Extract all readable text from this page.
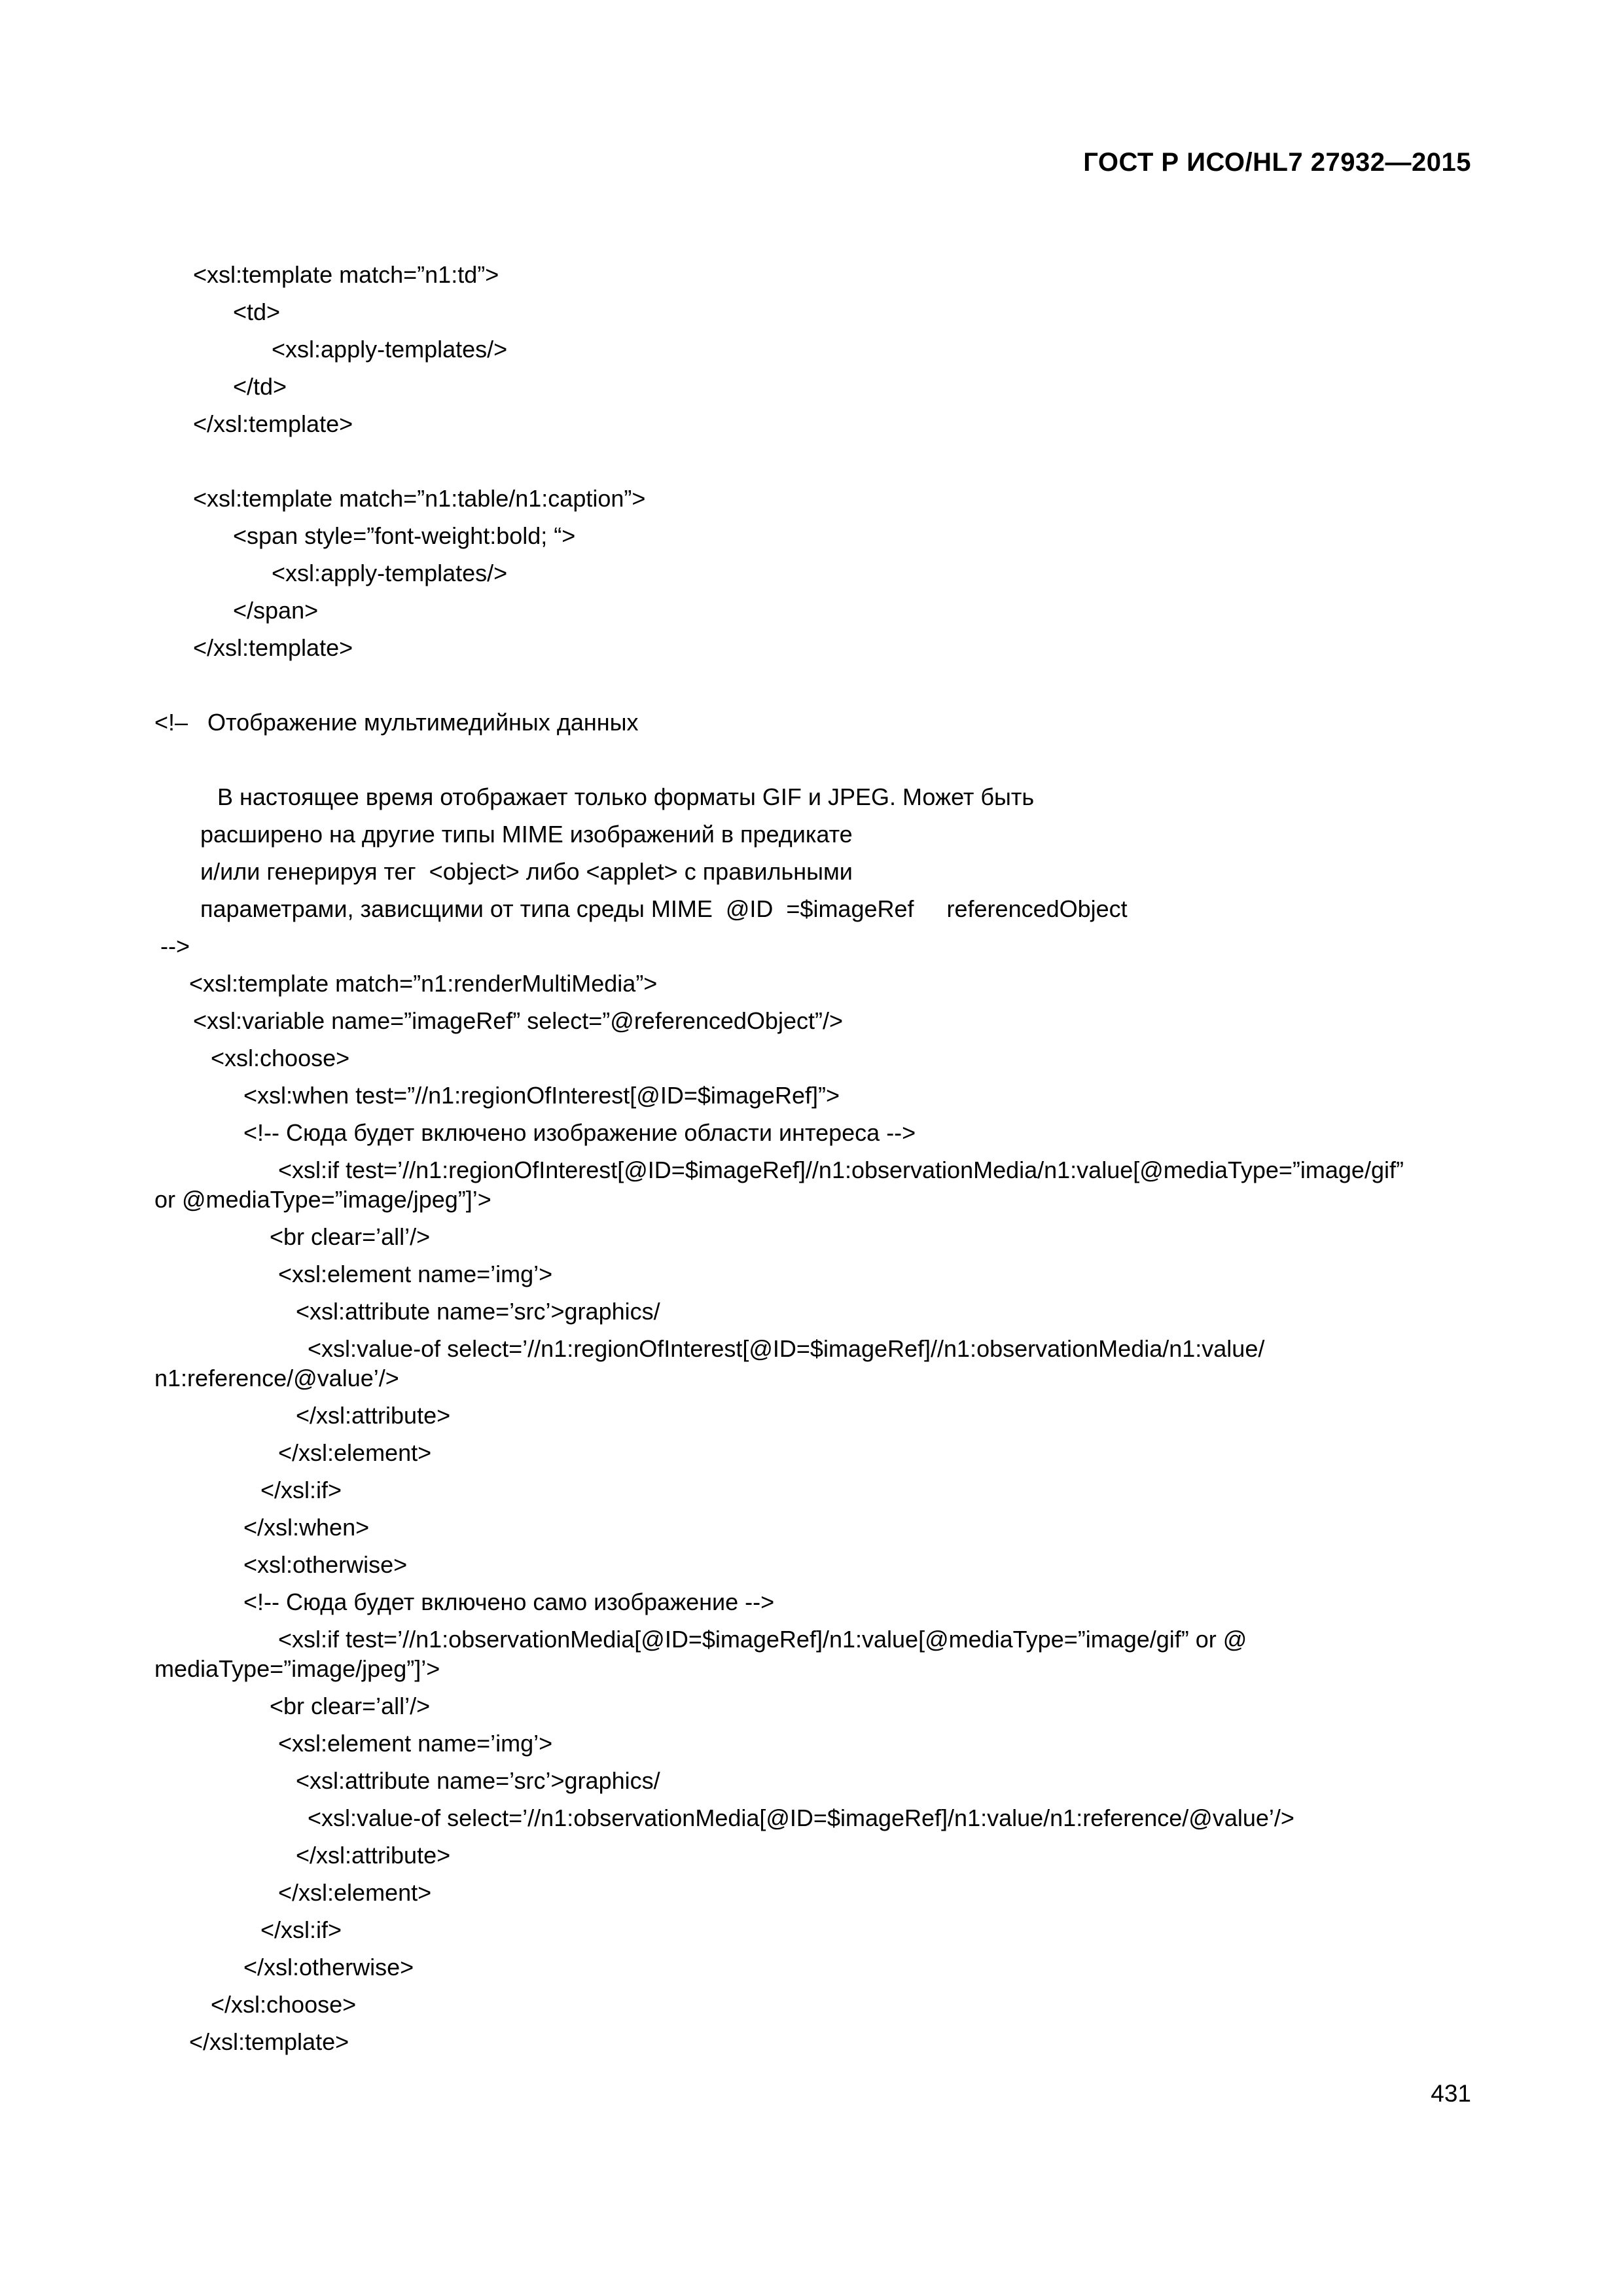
ГОСТ Р ИСО/HL7 27932—2015
<xsl:template match=”n1:td”>
<td>
<xsl:apply-templates/>
</td>
</xsl:template>
<xsl:template match=”n1:table/n1:caption”>
<span style=”font-weight:bold; “>
<xsl:apply-templates/>
</span>
</xsl:template>
<!–   Отображение мультимедийных данных
В настоящее время отображает только форматы GIF и JPEG. Может быть
расширено на другие типы MIME изображений в предикате
и/или генерируя тег  <object> либо <applet> с правильными
параметрами, зависщими от типа среды MIME  @ID  =$imageRef     referencedObject
-->
<xsl:template match=”n1:renderMultiMedia”>
<xsl:variable name=”imageRef” select=”@referencedObject”/>
<xsl:choose>
<xsl:when test=”//n1:regionOfInterest[@ID=$imageRef]”>
<!-- Сюда будет включено изображение области интереса -->
<xsl:if test=’//n1:regionOfInterest[@ID=$imageRef]//n1:observationMedia/n1:value[@mediaType=”image/gif”
or @mediaType=”image/jpeg”]’>
<br clear=’all’/>
<xsl:element name=’img’>
<xsl:attribute name=’src’>graphics/
<xsl:value-of select=’//n1:regionOfInterest[@ID=$imageRef]//n1:observationMedia/n1:value/
n1:reference/@value’/>
</xsl:attribute>
</xsl:element>
</xsl:if>
</xsl:when>
<xsl:otherwise>
<!-- Сюда будет включено само изображение -->
<xsl:if test=’//n1:observationMedia[@ID=$imageRef]/n1:value[@mediaType=”image/gif” or @
mediaType=”image/jpeg”]’>
<br clear=’all’/>
<xsl:element name=’img’>
<xsl:attribute name=’src’>graphics/
<xsl:value-of select=’//n1:observationMedia[@ID=$imageRef]/n1:value/n1:reference/@value’/>
</xsl:attribute>
</xsl:element>
</xsl:if>
</xsl:otherwise>
</xsl:choose>
</xsl:template>
431
